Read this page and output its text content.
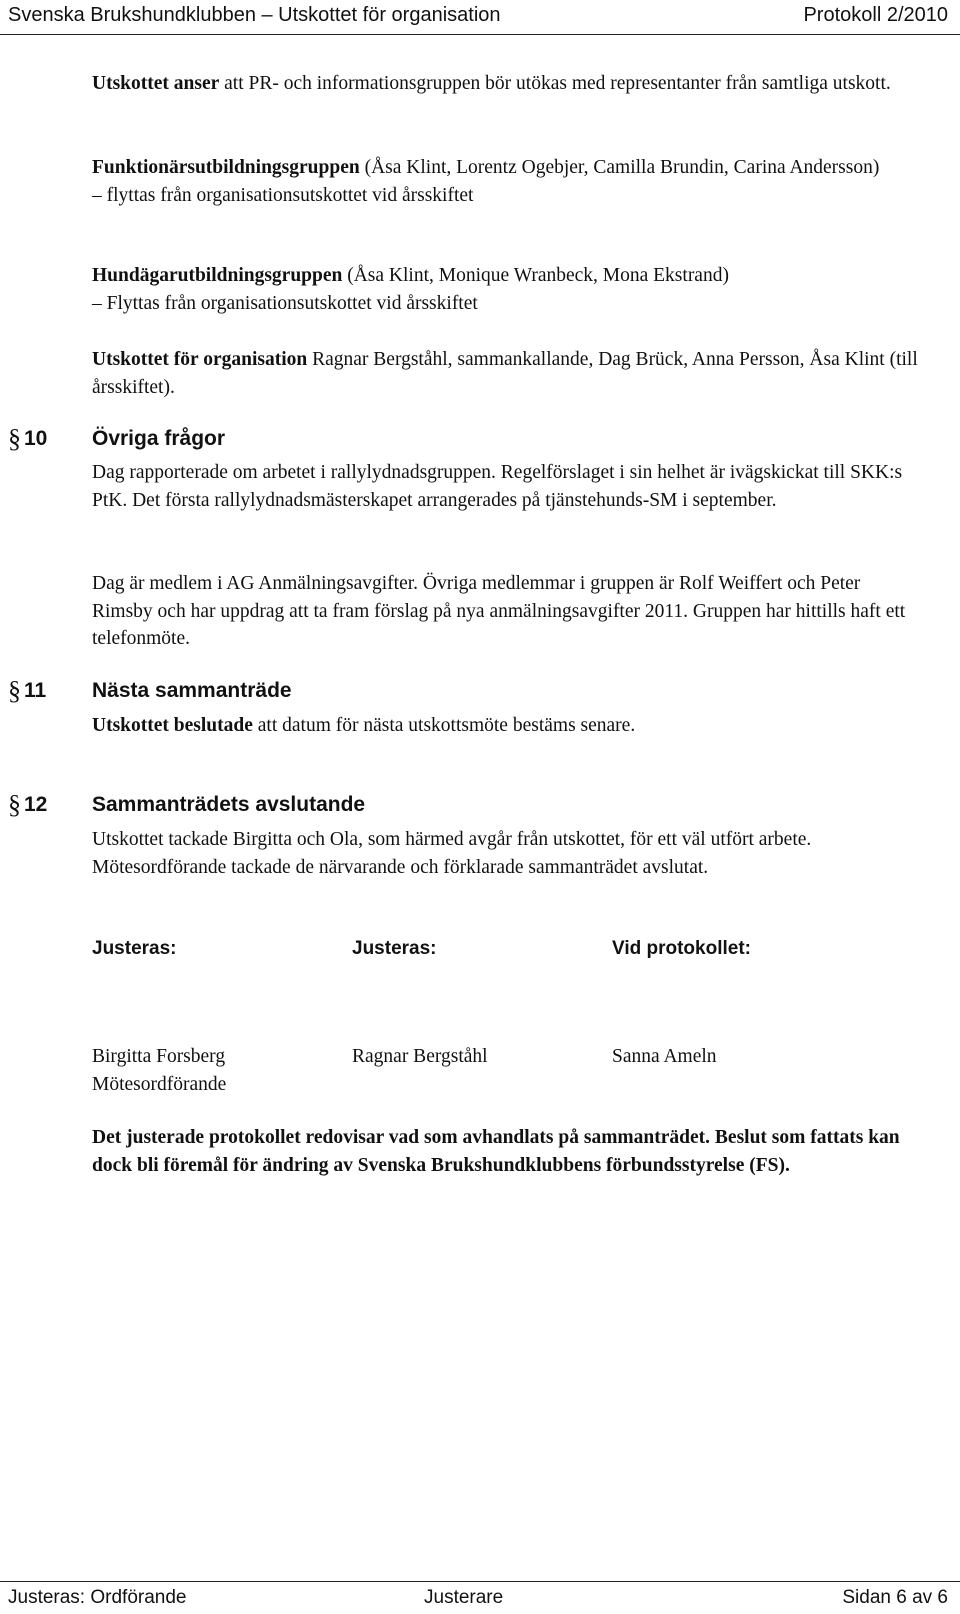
Svenska Brukshundklubben – Utskottet för organisation	Protokoll 2/2010

Utskottet anser att PR- och informationsgruppen bör utökas med representanter från samtliga utskott.

Funktionärsutbildningsgruppen (Åsa Klint, Lorentz Ogebjer, Camilla Brundin, Carina Andersson)
– flyttas från organisationsutskottet vid årsskiftet

Hundägarutbildningsgruppen (Åsa Klint, Monique Wranbeck, Mona Ekstrand)
– Flyttas från organisationsutskottet vid årsskiftet

Utskottet för organisation Ragnar Bergståhl, sammankallande, Dag Brück, Anna Persson, Åsa Klint (till årsskiftet).

§ 10 Övriga frågor

Dag rapporterade om arbetet i rallylydnadsgruppen. Regelförslaget i sin helhet är ivägskickat till SKK:s PtK. Det första rallylydnadsmästerskapet arrangerades på tjänstehunds-SM i september.

Dag är medlem i AG Anmälningsavgifter. Övriga medlemmar i gruppen är Rolf Weiffert och Peter Rimsby och har uppdrag att ta fram förslag på nya anmälningsavgifter 2011. Gruppen har hittills haft ett telefonmöte.

§ 11 Nästa sammanträde

Utskottet beslutade att datum för nästa utskottsmöte bestäms senare.

§ 12 Sammanträdets avslutande

Utskottet tackade Birgitta och Ola, som härmed avgår från utskottet, för ett väl utfört arbete. Mötesordförande tackade de närvarande och förklarade sammanträdet avslutat.

Justeras:	Justeras:	Vid protokollet:
Birgitta Forsberg	Ragnar Bergståhl	Sanna Ameln
Mötesordförande

Det justerade protokollet redovisar vad som avhandlats på sammanträdet. Beslut som fattats kan dock bli föremål för ändring av Svenska Brukshundklubbens förbundsstyrelse (FS).

Justeras: Ordförande	Justerare	Sidan 6 av 6
